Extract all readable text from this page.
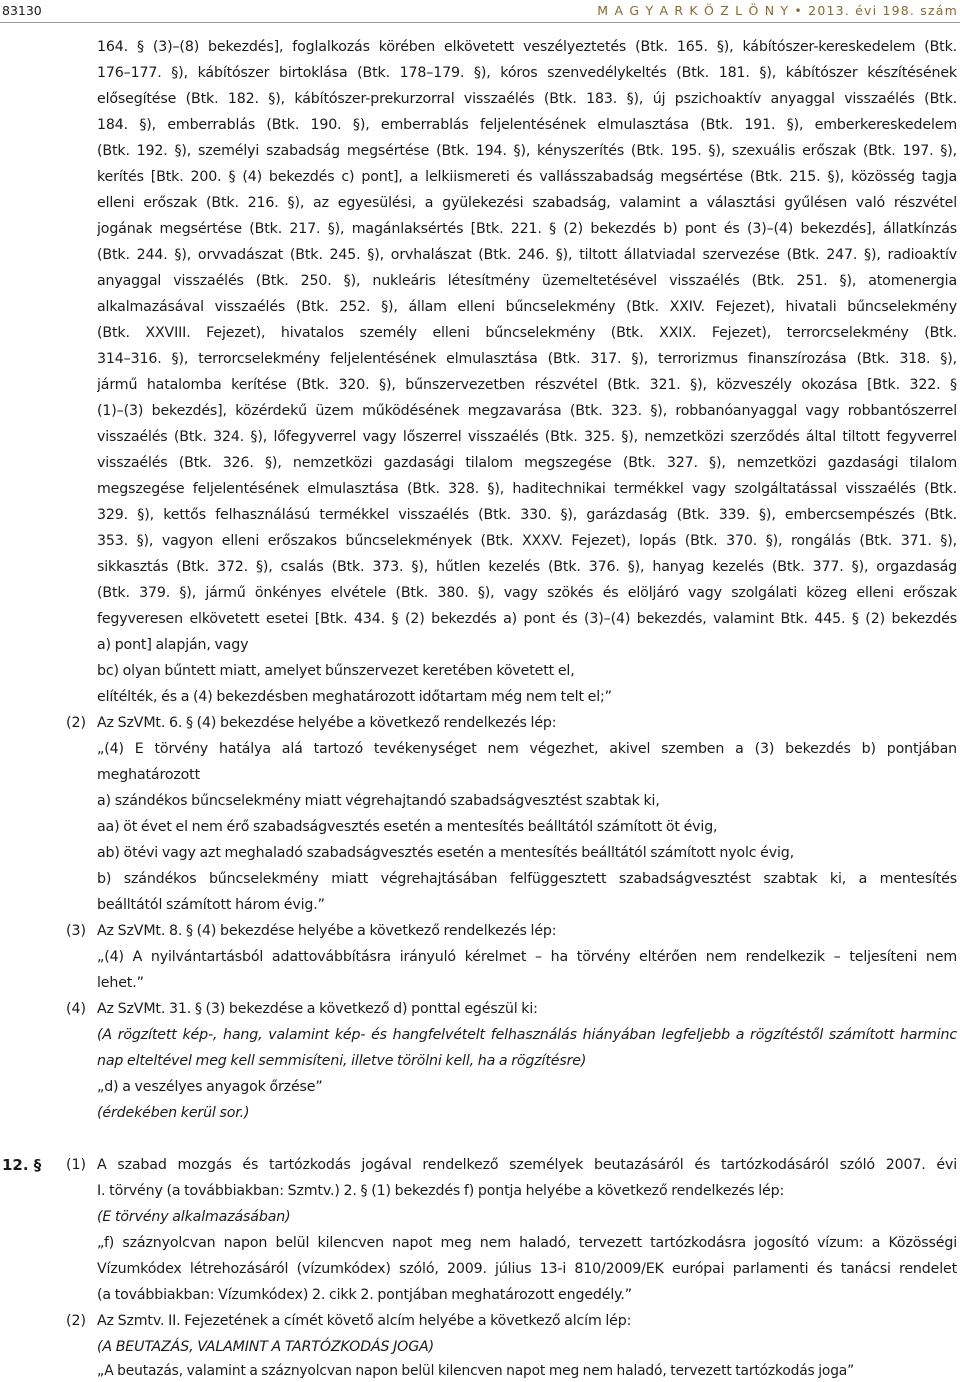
83130	M A G Y A R K Ö Z L Ö N Y • 2013. évi 198. szám
164. § (3)–(8) bekezdés], foglalkozás körében elkövetett veszélyeztetés (Btk. 165. §), kábítószer-kereskedelem (Btk.
176–177. §), kábítószer birtoklása (Btk. 178–179. §), kóros szenvedélykeltés (Btk. 181. §), kábítószer készítésének
elősegítése (Btk. 182. §), kábítószer-prekurzorral visszaélés (Btk. 183. §), új pszichoaktív anyaggal visszaélés (Btk.
184. §), emberrablás (Btk. 190. §), emberrablás feljelentésének elmulasztása (Btk. 191. §), emberkereskedelem
(Btk. 192. §), személyi szabadság megsértése (Btk. 194. §), kényszerítés (Btk. 195. §), szexuális erőszak (Btk. 197. §),
kerítés [Btk. 200. § (4) bekezdés c) pont], a lelkiismereti és vallásszabadság megsértése (Btk. 215. §), közösség tagja
elleni erőszak (Btk. 216. §), az egyesülési, a gyülekezési szabadság, valamint a választási gyűlésen való részvétel
jogának megsértése (Btk. 217. §), magánlaksértés [Btk. 221. § (2) bekezdés b) pont és (3)–(4) bekezdés], állatkínzás
(Btk. 244. §), orvvadászat (Btk. 245. §), orvhalászat (Btk. 246. §), tiltott állatviadal szervezése (Btk. 247. §), radioaktív
anyaggal visszaélés (Btk. 250. §), nukleáris létesítmény üzemeltetésével visszaélés (Btk. 251. §), atomenergia
alkalmazásával visszaélés (Btk. 252. §), állam elleni bűncselekmény (Btk. XXIV. Fejezet), hivatali bűncselekmény
(Btk. XXVIII. Fejezet), hivatalos személy elleni bűncselekmény (Btk. XXIX. Fejezet), terrorcselekmény (Btk.
314–316. §), terrorcselekmény feljelentésének elmulasztása (Btk. 317. §), terrorizmus finanszírozása (Btk. 318. §),
jármű hatalomba kerítése (Btk. 320. §), bűnszervezetben részvétel (Btk. 321. §), közveszély okozása [Btk. 322. §
(1)–(3) bekezdés], közérdekű üzem működésének megzavarása (Btk. 323. §), robbanóanyaggal vagy robbantószerrel
visszaélés (Btk. 324. §), lőfegyverrel vagy lőszerrel visszaélés (Btk. 325. §), nemzetközi szerződés által tiltott fegyverrel
visszaélés (Btk. 326. §), nemzetközi gazdasági tilalom megszegése (Btk. 327. §), nemzetközi gazdasági tilalom
megszegése feljelentésének elmulasztása (Btk. 328. §), haditechnikai termékkel vagy szolgáltatással visszaélés (Btk.
329. §), kettős felhasználású termékkel visszaélés (Btk. 330. §), garázdaság (Btk. 339. §), embercsempészés (Btk.
353. §), vagyon elleni erőszakos bűncselekmények (Btk. XXXV. Fejezet), lopás (Btk. 370. §), rongálás (Btk. 371. §),
sikkasztás (Btk. 372. §), csalás (Btk. 373. §), hűtlen kezelés (Btk. 376. §), hanyag kezelés (Btk. 377. §), orgazdaság
(Btk. 379. §), jármű önkényes elvétele (Btk. 380. §), vagy szökés és elöljáró vagy szolgálati közeg elleni erőszak
fegyveresen elkövetett esetei [Btk. 434. § (2) bekezdés a) pont és (3)–(4) bekezdés, valamint Btk. 445. § (2) bekezdés
a) pont] alapján, vagy
bc) olyan bűntett miatt, amelyet bűnszervezet keretében követett el,
elítélték, és a (4) bekezdésben meghatározott időtartam még nem telt el;”
(2) Az SzVMt. 6. § (4) bekezdése helyébe a következő rendelkezés lép:
„(4) E törvény hatálya alá tartozó tevékenységet nem végezhet, akivel szemben a (3) bekezdés b) pontjában
meghatározott
a) szándékos bűncselekmény miatt végrehajtandó szabadságvesztést szabtak ki,
aa) öt évet el nem érő szabadságvesztés esetén a mentesítés beálltától számított öt évig,
ab) ötévi vagy azt meghaladó szabadságvesztés esetén a mentesítés beálltától számított nyolc évig,
b) szándékos bűncselekmény miatt végrehajtásában felfüggesztett szabadságvesztést szabtak ki, a mentesítés
beálltától számított három évig.”
(3) Az SzVMt. 8. § (4) bekezdése helyébe a következő rendelkezés lép:
„(4) A nyilvántartásból adattovábbításra irányuló kérelmet – ha törvény eltérően nem rendelkezik – teljesíteni nem
lehet.”
(4) Az SzVMt. 31. § (3) bekezdése a következő d) ponttal egészül ki:
(A rögzített kép-, hang, valamint kép- és hangfelvételt felhasználás hiányában legfeljebb a rögzítéstől számított harminc
nap elteltével meg kell semmisíteni, illetve törölni kell, ha a rögzítésre)
„d) a veszélyes anyagok őrzése”
(érdekében kerül sor.)
12. § (1) A szabad mozgás és tartózkodás jogával rendelkező személyek beutazásáról és tartózkodásáról szóló 2007. évi
I. törvény (a továbbiakban: Szmtv.) 2. § (1) bekezdés f) pontja helyébe a következő rendelkezés lép:
(E törvény alkalmazásában)
„f) száznyolcvan napon belül kilencven napot meg nem haladó, tervezett tartózkodásra jogosító vízum: a Közösségi
Vízumkódex létrehozásáról (vízumkódex) szóló, 2009. július 13-i 810/2009/EK európai parlamenti és tanácsi rendelet
(a továbbiakban: Vízumkódex) 2. cikk 2. pontjában meghatározott engedély.”
(2) Az Szmtv. II. Fejezetének a címét követő alcím helyébe a következő alcím lép:
(A BEUTAZÁS, VALAMINT A TARTÓZKODÁS JOGA)
„A beutazás, valamint a száznyolcvan napon belül kilencven napot meg nem haladó, tervezett tartózkodás joga”
